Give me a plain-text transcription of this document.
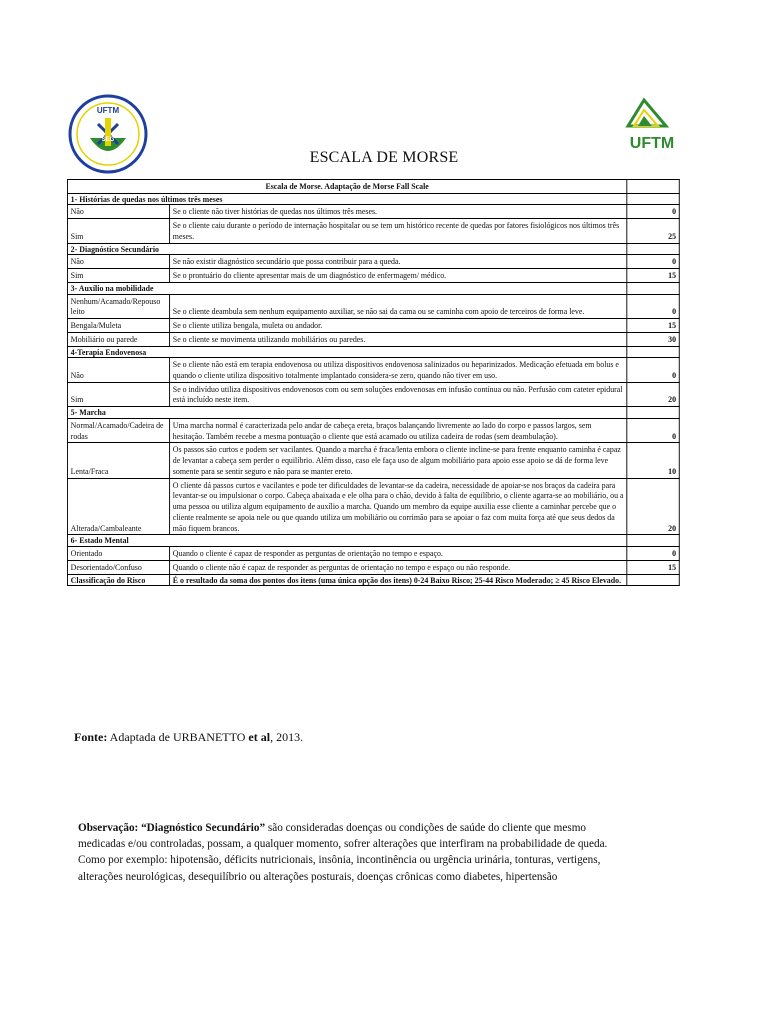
UFTM
SEG	UFTM
ESCALA DE MORSE
Escala de Morse. Adaptação de Morse Fall Scale		
1- Histórias de quedas nos últimos três meses		
Não	Se o cliente não tiver histórias de quedas nos últimos três meses.	0
Sim	Se o cliente caiu durante o período de internação hospitalar ou se tem um histórico recente de quedas por fatores fisiológicos nos últimos três meses.	25
2- Diagnóstico Secundário		
Não	Se não existir diagnóstico secundário que possa contribuir para a queda.	0
Sim	Se o prontuário do cliente apresentar mais de um diagnóstico de enfermagem/ médico.	15
3- Auxílio na mobilidade		
Nenhum/Acamado/Repouso leito	Se o cliente deambula sem nenhum equipamento auxiliar, se não sai da cama ou se caminha com apoio de terceiros de forma leve.	0
Bengala/Muleta	Se o cliente utiliza bengala, muleta ou andador.	15
Mobiliário ou parede	Se o cliente se movimenta utilizando mobiliários ou paredes.	30
4-Terapia Endovenosa		
Não	Se o cliente não está em terapia endovenosa ou utiliza dispositivos endovenosa salinizados ou heparinizados. Medicação efetuada em bolus e quando o cliente utiliza dispositivo totalmente implantado considera-se zero, quando não tiver em uso.	0
Sim	Se o indivíduo utiliza dispositivos endovenosos com ou sem soluções endovenosas em infusão contínua ou não. Perfusão com cateter epidural está incluído neste item.	20
5- Marcha		
Normal/Acamado/Cadeira de rodas	Uma marcha normal é caracterizada pelo andar de cabeça ereta, braços balançando livremente ao lado do corpo e passos largos, sem hesitação. Também recebe a mesma pontuação o cliente que está acamado ou utiliza cadeira de rodas (sem deambulação).	0
Lenta/Fraca	Os passos são curtos e podem ser vacilantes. Quando a marcha é fraca/lenta embora o cliente incline-se para frente enquanto caminha é capaz de levantar a cabeça sem perder o equilíbrio. Além disso, caso ele faça uso de algum mobiliário para apoio esse apoio se dá de forma leve somente para se sentir seguro e não para se manter ereto.	10
Alterada/Cambaleante	O cliente dá passos curtos e vacilantes e pode ter dificuldades de levantar-se da cadeira, necessidade de apoiar-se nos braços da cadeira para levantar-se ou impulsionar o corpo. Cabeça abaixada e ele olha para o chão, devido à falta de equilíbrio, o cliente agarra-se ao mobiliário, ou a uma pessoa ou utiliza algum equipamento de auxílio a marcha. Quando um membro da equipe auxilia esse cliente a caminhar percebe que o cliente realmente se apoia nele ou que quando utiliza um mobiliário ou corrimão para se apoiar o faz com muita força até que seus dedos da mão fiquem brancos.	20
6- Estado Mental		
Orientado	Quando o cliente é capaz de responder as perguntas de orientação no tempo e espaço.	0
Desorientado/Confuso	Quando o cliente não é capaz de responder as perguntas de orientação no tempo e espaço ou não responde.	15
Classificação do Risco	É o resultado da soma dos pontos dos itens (uma única opção dos itens) 0-24 Baixo Risco; 25-44 Risco Moderado; ≥ 45 Risco Elevado.	
Fonte: Adaptada de URBANETTO et al, 2013.
Observação: “Diagnóstico Secundário” são consideradas doenças ou condições de saúde do cliente que mesmo medicadas e/ou controladas, possam, a qualquer momento, sofrer alterações que interfiram na probabilidade de queda. Como por exemplo: hipotensão, déficits nutricionais, insônia, incontinência ou urgência urinária, tonturas, vertigens, alterações neurológicas, desequilíbrio ou alterações posturais, doenças crônicas como diabetes, hipertensão
